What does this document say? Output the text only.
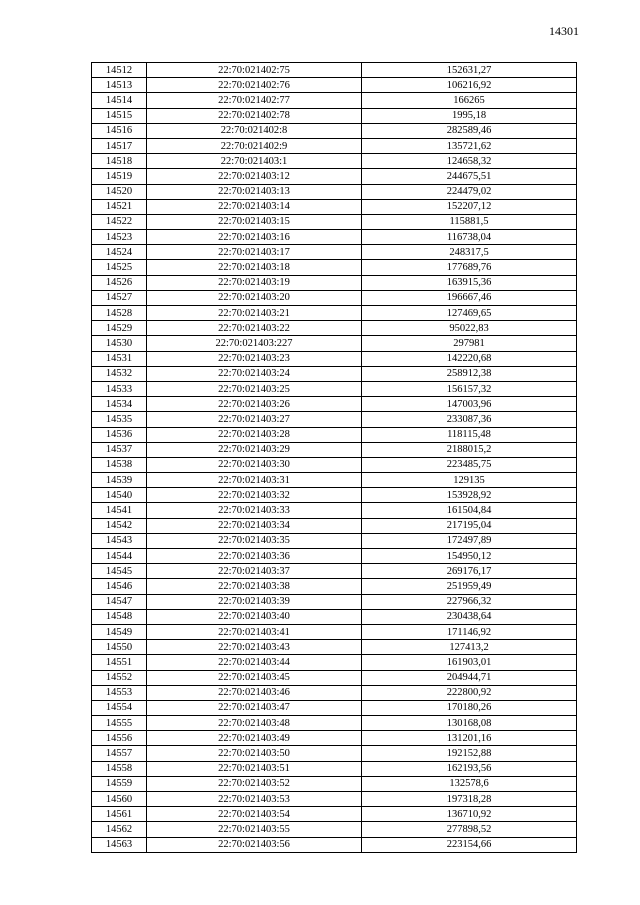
14301
14512	22:70:021402:75	152631,27
14513	22:70:021402:76	106216,92
14514	22:70:021402:77	166265
14515	22:70:021402:78	1995,18
14516	22:70:021402:8	282589,46
14517	22:70:021402:9	135721,62
14518	22:70:021403:1	124658,32
14519	22:70:021403:12	244675,51
14520	22:70:021403:13	224479,02
14521	22:70:021403:14	152207,12
14522	22:70:021403:15	115881,5
14523	22:70:021403:16	116738,04
14524	22:70:021403:17	248317,5
14525	22:70:021403:18	177689,76
14526	22:70:021403:19	163915,36
14527	22:70:021403:20	196667,46
14528	22:70:021403:21	127469,65
14529	22:70:021403:22	95022,83
14530	22:70:021403:227	297981
14531	22:70:021403:23	142220,68
14532	22:70:021403:24	258912,38
14533	22:70:021403:25	156157,32
14534	22:70:021403:26	147003,96
14535	22:70:021403:27	233087,36
14536	22:70:021403:28	118115,48
14537	22:70:021403:29	2188015,2
14538	22:70:021403:30	223485,75
14539	22:70:021403:31	129135
14540	22:70:021403:32	153928,92
14541	22:70:021403:33	161504,84
14542	22:70:021403:34	217195,04
14543	22:70:021403:35	172497,89
14544	22:70:021403:36	154950,12
14545	22:70:021403:37	269176,17
14546	22:70:021403:38	251959,49
14547	22:70:021403:39	227966,32
14548	22:70:021403:40	230438,64
14549	22:70:021403:41	171146,92
14550	22:70:021403:43	127413,2
14551	22:70:021403:44	161903,01
14552	22:70:021403:45	204944,71
14553	22:70:021403:46	222800,92
14554	22:70:021403:47	170180,26
14555	22:70:021403:48	130168,08
14556	22:70:021403:49	131201,16
14557	22:70:021403:50	192152,88
14558	22:70:021403:51	162193,56
14559	22:70:021403:52	132578,6
14560	22:70:021403:53	197318,28
14561	22:70:021403:54	136710,92
14562	22:70:021403:55	277898,52
14563	22:70:021403:56	223154,66
